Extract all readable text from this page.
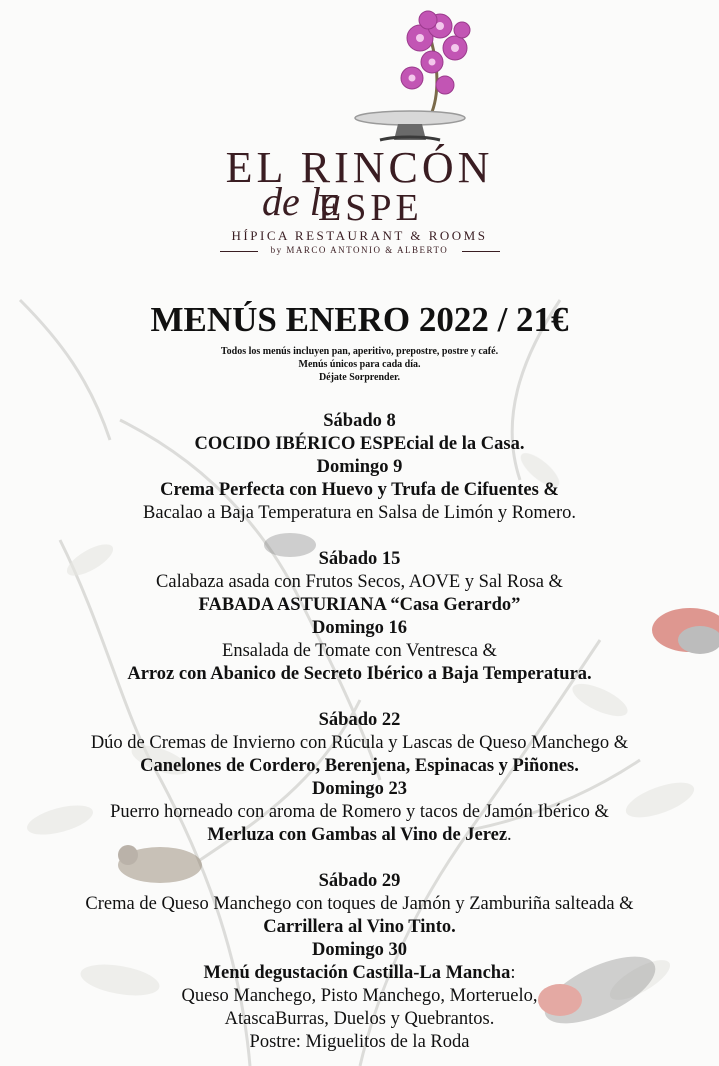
EL RINCÓN
de la
ESPE
HÍPICA RESTAURANT & ROOMS
by MARCO ANTONIO & ALBERTO
MENÚS ENERO 2022 / 21€
Todos los menús incluyen pan, aperitivo, prepostre, postre y café.
Menús únicos para cada día.
Déjate Sorprender.
Sábado 8
COCIDO IBÉRICO ESPEcial de la Casa.
Domingo 9
Crema Perfecta con Huevo y Trufa de Cifuentes &
Bacalao a Baja Temperatura en Salsa de Limón y Romero.
Sábado 15
Calabaza asada con Frutos Secos, AOVE y Sal Rosa &
FABADA ASTURIANA “Casa Gerardo”
Domingo 16
Ensalada de Tomate con Ventresca &
Arroz con Abanico de Secreto Ibérico a Baja Temperatura.
Sábado 22
Dúo de Cremas de Invierno con Rúcula y Lascas de Queso Manchego &
Canelones de Cordero, Berenjena, Espinacas y Piñones.
Domingo 23
Puerro horneado con aroma de Romero y tacos de Jamón Ibérico &
Merluza con Gambas al Vino de Jerez.
Sábado 29
Crema de Queso Manchego con toques de Jamón y Zamburiña salteada &
Carrillera al Vino Tinto.
Domingo 30
Menú degustación Castilla-La Mancha:
Queso Manchego, Pisto Manchego, Morteruelo,
AtascaBurras, Duelos y Quebrantos.
Postre: Miguelitos de la Roda
